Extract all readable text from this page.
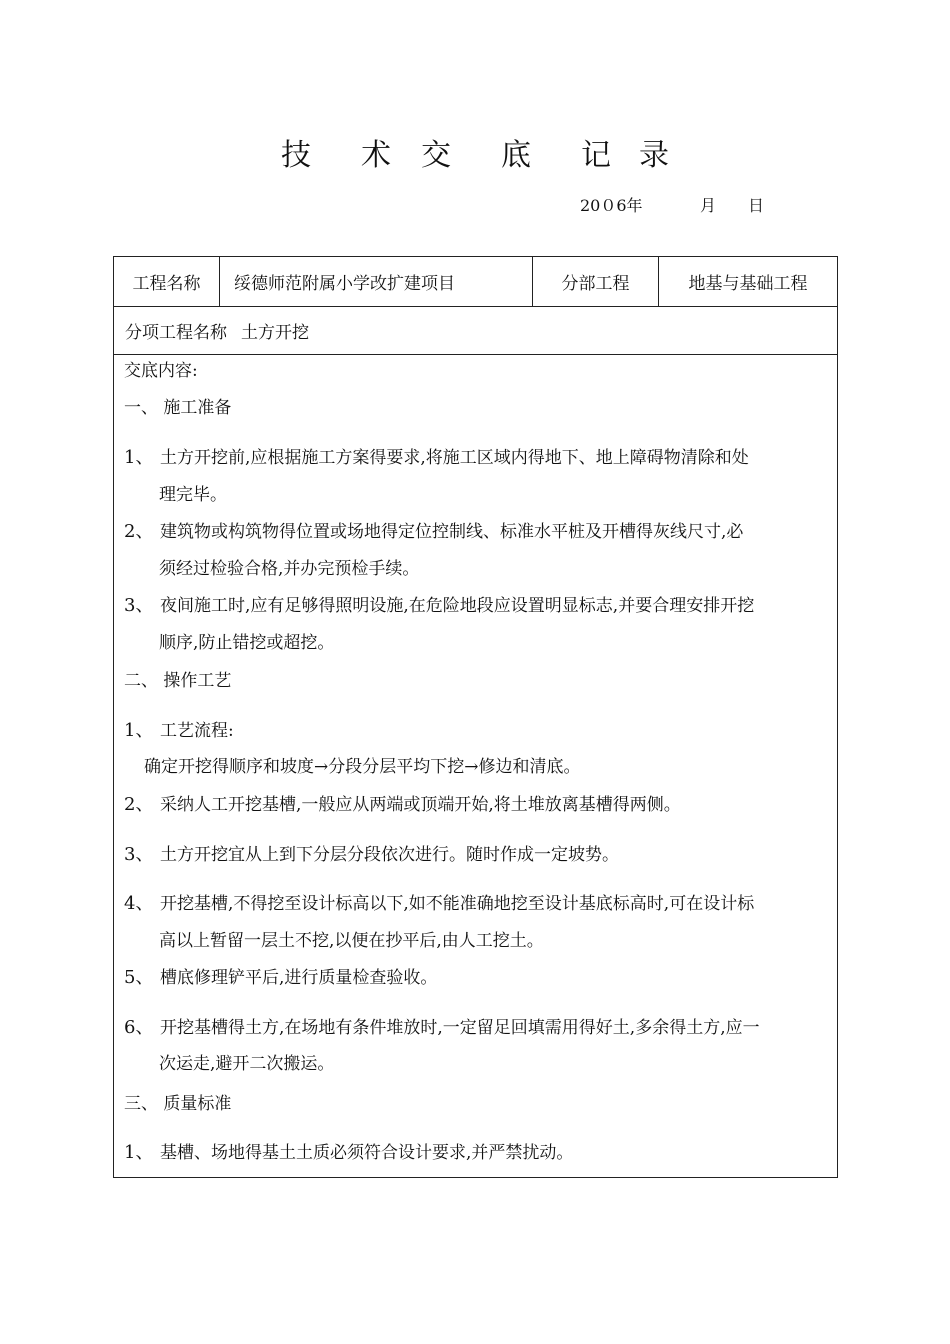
技 术 交 底 记 录
20０6年	月 日
工程名称	绥德师范附属小学改扩建项目	分部工程	地基与基础工程
分项工程名称 土方开挖
交底内容:
一、 施工准备
1、 土方开挖前,应根据施工方案得要求,将施工区域内得地下、地上障碍物清除和处
理完毕。
2、 建筑物或构筑物得位置或场地得定位控制线、标准水平桩及开槽得灰线尺寸,必
须经过检验合格,并办完预检手续。
3、 夜间施工时,应有足够得照明设施,在危险地段应设置明显标志,并要合理安排开挖
顺序,防止错挖或超挖。
二、 操作工艺
1、 工艺流程:
确定开挖得顺序和坡度→分段分层平均下挖→修边和清底。
2、 采纳人工开挖基槽,一般应从两端或顶端开始,将土堆放离基槽得两侧。
3、 土方开挖宜从上到下分层分段依次进行。随时作成一定坡势。
4、 开挖基槽,不得挖至设计标高以下,如不能准确地挖至设计基底标高时,可在设计标
高以上暂留一层土不挖,以便在抄平后,由人工挖土。
5、 槽底修理铲平后,进行质量检查验收。
6、 开挖基槽得土方,在场地有条件堆放时,一定留足回填需用得好土,多余得土方,应一
次运走,避开二次搬运。
三、 质量标准
1、 基槽、场地得基土土质必须符合设计要求,并严禁扰动。
